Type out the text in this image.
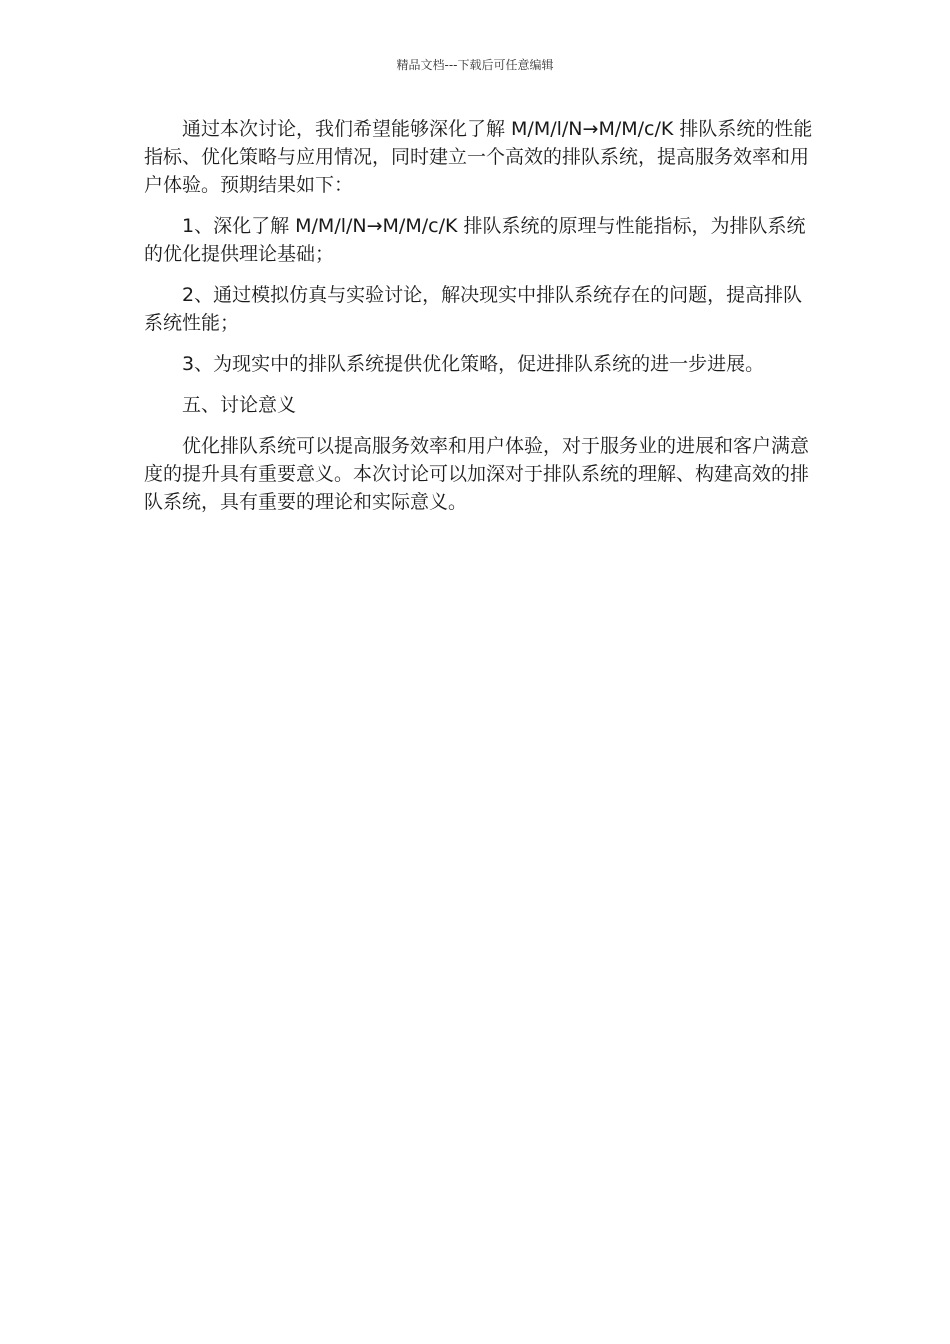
精品文档---下载后可任意编辑

通过本次讨论，我们希望能够深化了解 M/M/l/N→M/M/c/K 排队系统的性能指标、优化策略与应用情况，同时建立一个高效的排队系统，提高服务效率和用户体验。预期结果如下：

1、深化了解 M/M/l/N→M/M/c/K 排队系统的原理与性能指标，为排队系统的优化提供理论基础；

2、通过模拟仿真与实验讨论，解决现实中排队系统存在的问题，提高排队系统性能；

3、为现实中的排队系统提供优化策略，促进排队系统的进一步进展。

五、讨论意义

优化排队系统可以提高服务效率和用户体验，对于服务业的进展和客户满意度的提升具有重要意义。本次讨论可以加深对于排队系统的理解、构建高效的排队系统，具有重要的理论和实际意义。
